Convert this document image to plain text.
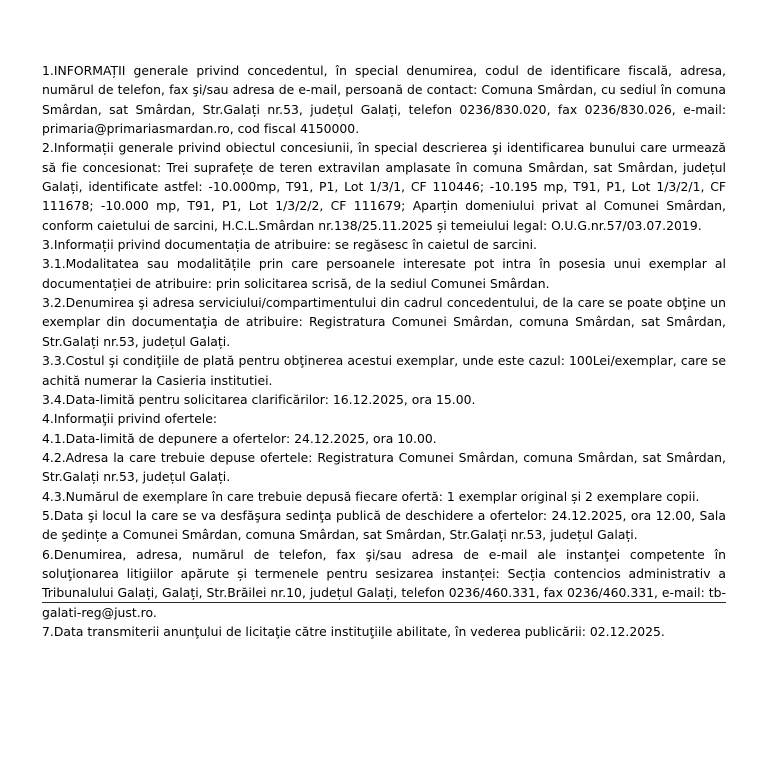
1.INFORMAȚII generale privind concedentul, în special denumirea, codul de identificare fiscală, adresa, numărul de telefon, fax şi/sau adresa de e-mail, persoană de contact: Comuna Smârdan, cu sediul în comuna Smârdan, sat Smârdan, Str.Galați nr.53, județul Galați, telefon 0236/830.020, fax 0236/830.026, e-mail: primaria@primariasmardan.ro, cod fiscal 4150000.

2.Informații generale privind obiectul concesiunii, în special descrierea şi identificarea bunului care urmează să fie concesionat: Trei suprafețe de teren extravilan amplasate în comuna Smârdan, sat Smârdan, județul Galați, identificate astfel: -10.000mp, T91, P1, Lot 1/3/1, CF 110446; -10.195 mp, T91, P1, Lot 1/3/2/1, CF 111678; -10.000 mp, T91, P1, Lot 1/3/2/2, CF 111679; Aparțin domeniului privat al Comunei Smârdan, conform caietului de sarcini, H.C.L.Smârdan nr.138/25.11.2025 și temeiului legal: O.U.G.nr.57/03.07.2019.

3.Informații privind documentația de atribuire: se regăsesc în caietul de sarcini.

3.1.Modalitatea sau modalitățile prin care persoanele interesate pot intra în posesia unui exemplar al documentației de atribuire: prin solicitarea scrisă, de la sediul Comunei Smârdan.

3.2.Denumirea şi adresa serviciului/compartimentului din cadrul concedentului, de la care se poate obţine un exemplar din documentaţia de atribuire: Registratura Comunei Smârdan, comuna Smârdan, sat Smârdan, Str.Galați nr.53, județul Galați.

3.3.Costul şi condiţiile de plată pentru obţinerea acestui exemplar, unde este cazul: 100Lei/exemplar, care se achită numerar la Casieria institutiei.

3.4.Data-limită pentru solicitarea clarificărilor: 16.12.2025, ora 15.00.

4.Informaţii privind ofertele:

4.1.Data-limită de depunere a ofertelor: 24.12.2025, ora 10.00.

4.2.Adresa la care trebuie depuse ofertele: Registratura Comunei Smârdan, comuna Smârdan, sat Smârdan, Str.Galați nr.53, județul Galați.

4.3.Numărul de exemplare în care trebuie depusă fiecare ofertă: 1 exemplar original și 2 exemplare copii.

5.Data şi locul la care se va desfăşura sedinţa publică de deschidere a ofertelor: 24.12.2025, ora 12.00, Sala de şedințe a Comunei Smârdan, comuna Smârdan, sat Smârdan, Str.Galați nr.53, județul Galați.

6.Denumirea, adresa, numărul de telefon, fax şi/sau adresa de e-mail ale instanţei competente în soluţionarea litigiilor apărute și termenele pentru sesizarea instanței: Secția contencios administrativ a Tribunalului Galați, Galați, Str.Brăilei nr.10, județul Galați, telefon 0236/460.331, fax 0236/460.331, e-mail: tb-galati-reg@just.ro.

7.Data transmiterii anunţului de licitaţie către instituţiile abilitate, în vederea publicării: 02.12.2025.
